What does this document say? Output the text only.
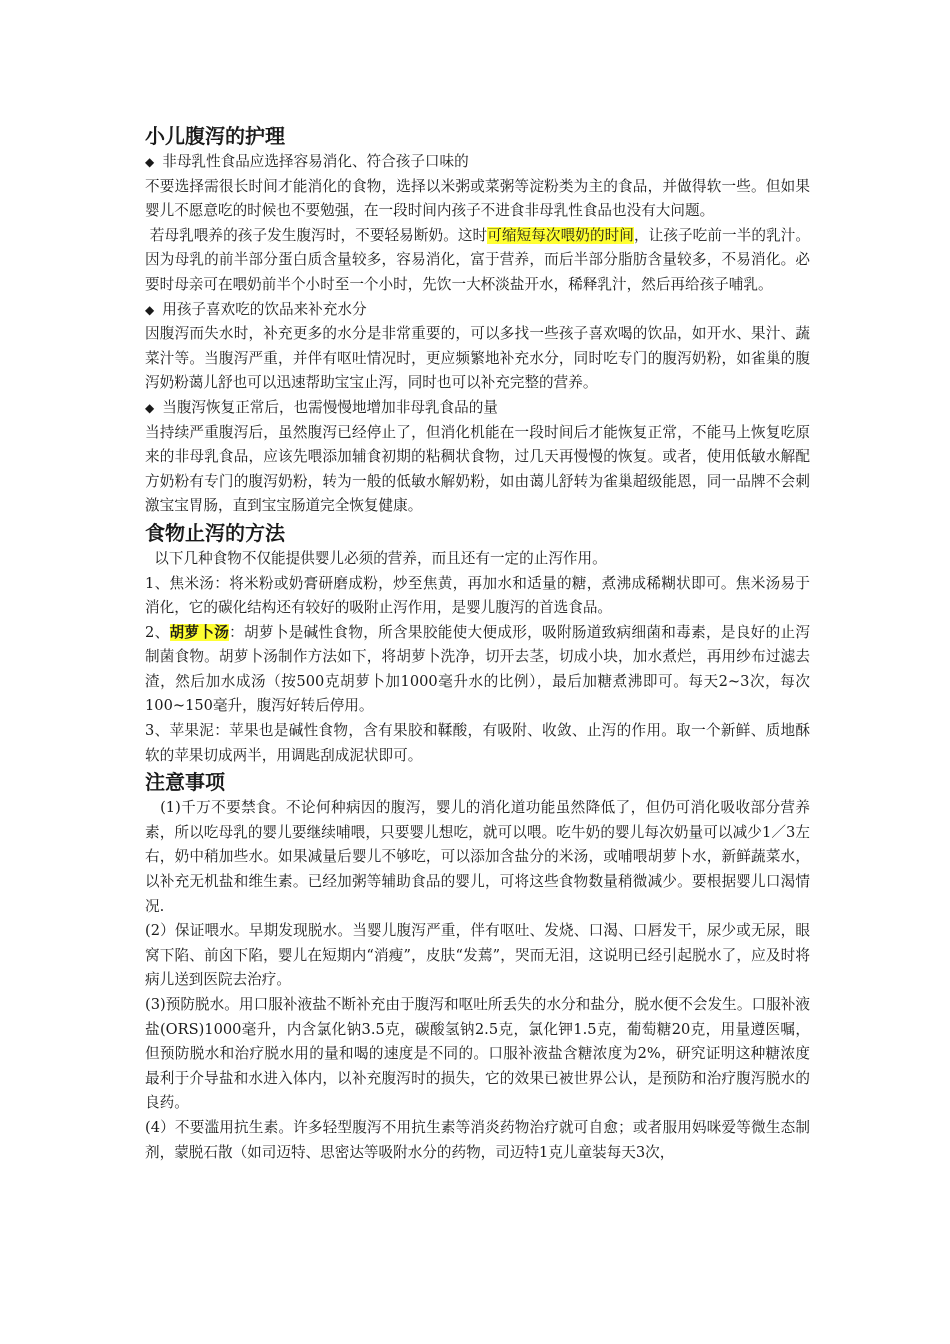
小儿腹泻的护理

◆ 非母乳性食品应选择容易消化、符合孩子口味的

不要选择需很长时间才能消化的食物，选择以米粥或菜粥等淀粉类为主的食品，并做得软一些。但如果婴儿不愿意吃的时候也不要勉强，在一段时间内孩子不进食非母乳性食品也没有大问题。

若母乳喂养的孩子发生腹泻时，不要轻易断奶。这时可缩短每次喂奶的时间，让孩子吃前一半的乳汁。因为母乳的前半部分蛋白质含量较多，容易消化，富于营养，而后半部分脂肪含量较多，不易消化。必要时母亲可在喂奶前半个小时至一个小时，先饮一大杯淡盐开水，稀释乳汁，然后再给孩子哺乳。

◆ 用孩子喜欢吃的饮品来补充水分

因腹泻而失水时，补充更多的水分是非常重要的，可以多找一些孩子喜欢喝的饮品，如开水、果汁、蔬菜汁等。当腹泻严重，并伴有呕吐情况时，更应频繁地补充水分，同时吃专门的腹泻奶粉，如雀巢的腹泻奶粉蔼儿舒也可以迅速帮助宝宝止泻，同时也可以补充完整的营养。

◆ 当腹泻恢复正常后，也需慢慢地增加非母乳食品的量

当持续严重腹泻后，虽然腹泻已经停止了，但消化机能在一段时间后才能恢复正常，不能马上恢复吃原来的非母乳食品，应该先喂添加辅食初期的粘稠状食物，过几天再慢慢的恢复。或者，使用低敏水解配方奶粉有专门的腹泻奶粉，转为一般的低敏水解奶粉，如由蔼儿舒转为雀巢超级能恩，同一品牌不会刺激宝宝胃肠，直到宝宝肠道完全恢复健康。

食物止泻的方法

以下几种食物不仅能提供婴儿必须的营养，而且还有一定的止泻作用。

1、焦米汤：将米粉或奶膏研磨成粉，炒至焦黄，再加水和适量的糖，煮沸成稀糊状即可。焦米汤易于消化，它的碳化结构还有较好的吸附止泻作用，是婴儿腹泻的首选食品。

2、胡萝卜汤：胡萝卜是碱性食物，所含果胶能使大便成形，吸附肠道致病细菌和毒素，是良好的止泻制菌食物。胡萝卜汤制作方法如下，将胡萝卜洗净，切开去茎，切成小块，加水煮烂，再用纱布过滤去渣，然后加水成汤（按500克胡萝卜加1000毫升水的比例），最后加糖煮沸即可。每天2~3次，每次100~150毫升，腹泻好转后停用。

3、苹果泥：苹果也是碱性食物，含有果胶和鞣酸，有吸附、收敛、止泻的作用。取一个新鲜、质地酥软的苹果切成两半，用调匙刮成泥状即可。

注意事项

(1)千万不要禁食。不论何种病因的腹泻，婴儿的消化道功能虽然降低了，但仍可消化吸收部分营养素，所以吃母乳的婴儿要继续哺喂，只要婴儿想吃，就可以喂。吃牛奶的婴儿每次奶量可以减少1／3左右，奶中稍加些水。如果减量后婴儿不够吃，可以添加含盐分的米汤，或哺喂胡萝卜水，新鲜蔬菜水，以补充无机盐和维生素。已经加粥等辅助食品的婴儿，可将这些食物数量稍微减少。要根据婴儿口渴情况.

(2）保证喂水。早期发现脱水。当婴儿腹泻严重，伴有呕吐、发烧、口渴、口唇发干，尿少或无尿，眼窝下陷、前囟下陷，婴儿在短期内“消瘦”，皮肤“发蔫”，哭而无泪，这说明已经引起脱水了，应及时将病儿送到医院去治疗。

(3)预防脱水。用口服补液盐不断补充由于腹泻和呕吐所丢失的水分和盐分，脱水便不会发生。口服补液盐(ORS)1000毫升，内含氯化钠3.5克，碳酸氢钠2.5克，氯化钾1.5克，葡萄糖20克，用量遵医嘱，但预防脱水和治疗脱水用的量和喝的速度是不同的。口服补液盐含糖浓度为2%，研究证明这种糖浓度最利于介导盐和水进入体内，以补充腹泻时的损失，它的效果已被世界公认，是预防和治疗腹泻脱水的良药。

(4）不要滥用抗生素。许多轻型腹泻不用抗生素等消炎药物治疗就可自愈；或者服用妈咪爱等微生态制剂，蒙脱石散（如司迈特、思密达等吸附水分的药物，司迈特1克儿童装每天3次，
